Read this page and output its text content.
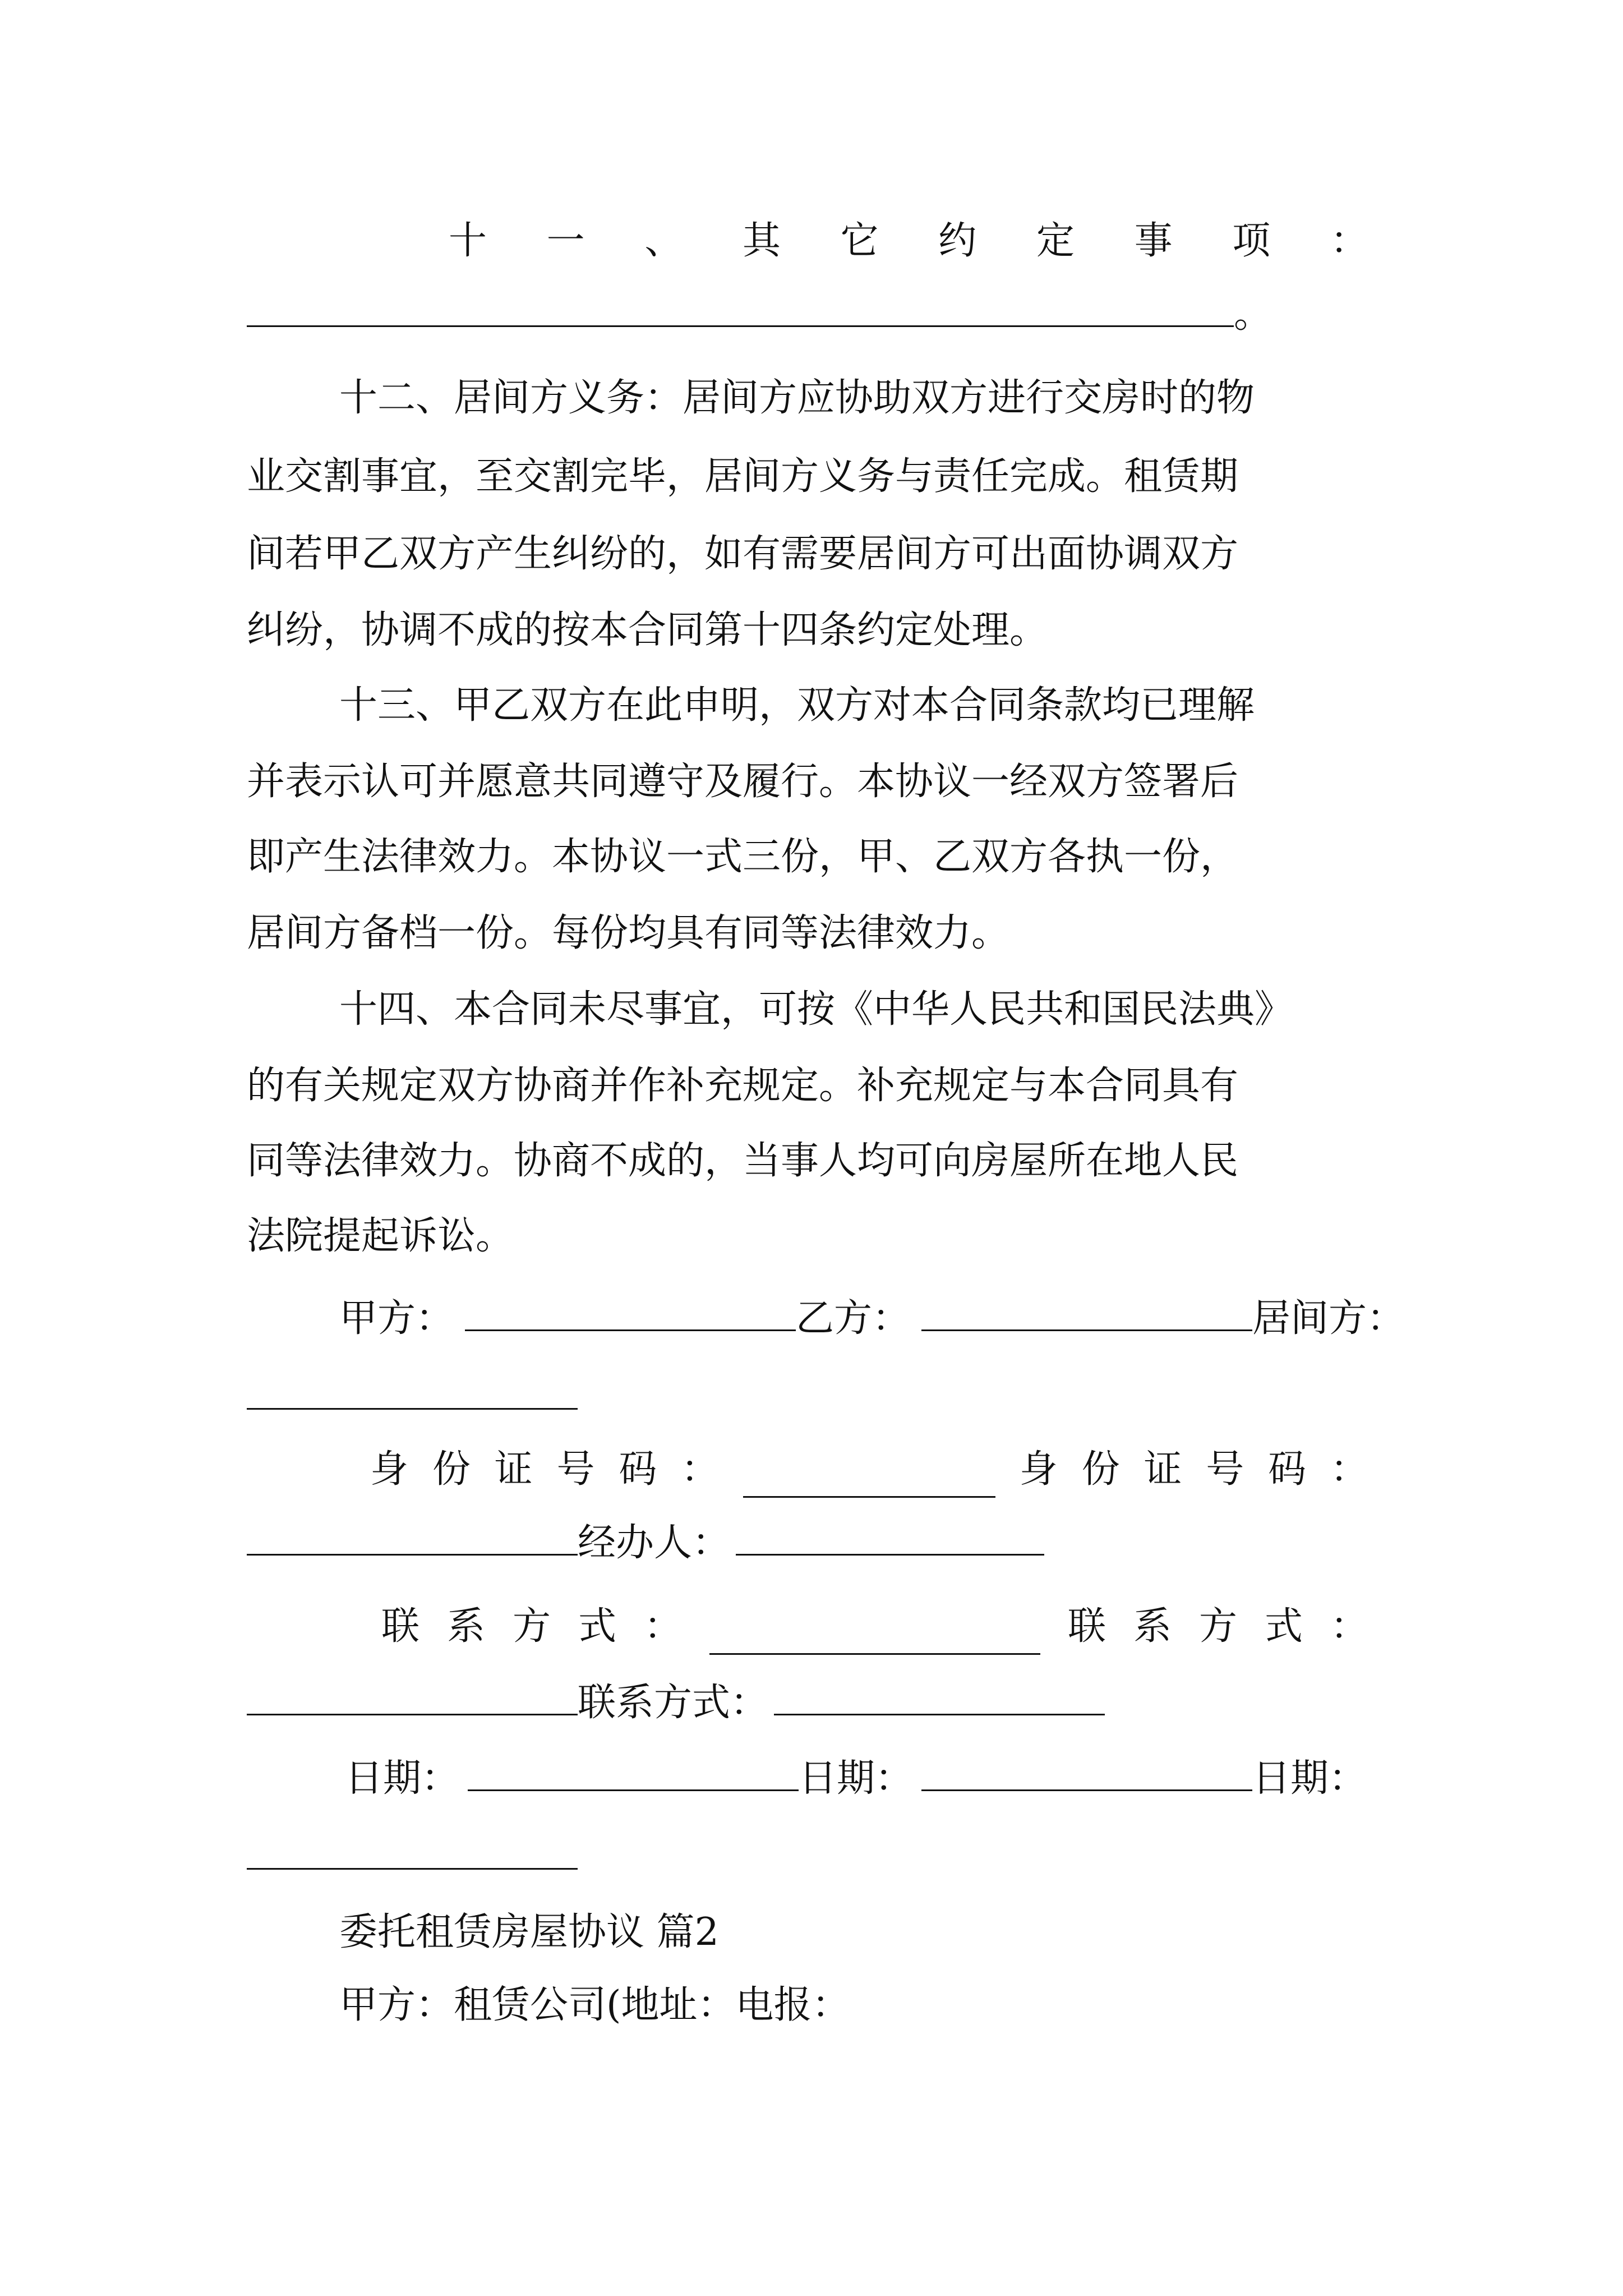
十 一 、 其 它 约 定 事 项 ：
。
十二、居间方义务：居间方应协助双方进行交房时的物
业交割事宜，至交割完毕，居间方义务与责任完成。租赁期
间若甲乙双方产生纠纷的，如有需要居间方可出面协调双方
纠纷，协调不成的按本合同第十四条约定处理。
十三、甲乙双方在此申明，双方对本合同条款均已理解
并表示认可并愿意共同遵守及履行。本协议一经双方签署后
即产生法律效力。本协议一式三份，甲、乙双方各执一份，
居间方备档一份。每份均具有同等法律效力。
十四、本合同未尽事宜，可按《中华人民共和国民法典》
的有关规定双方协商并作补充规定。补充规定与本合同具有
同等法律效力。协商不成的，当事人均可向房屋所在地人民
法院提起诉讼。
甲方：	乙方：	居间方：
身 份 证 号 码 ：	身 份 证 号 码 ：
经办人：
联 系 方 式 ：	联 系 方 式 ：
联系方式：
日期：	日期：	日期：
委托租赁房屋协议 篇2
甲方：租赁公司(地址：电报：
